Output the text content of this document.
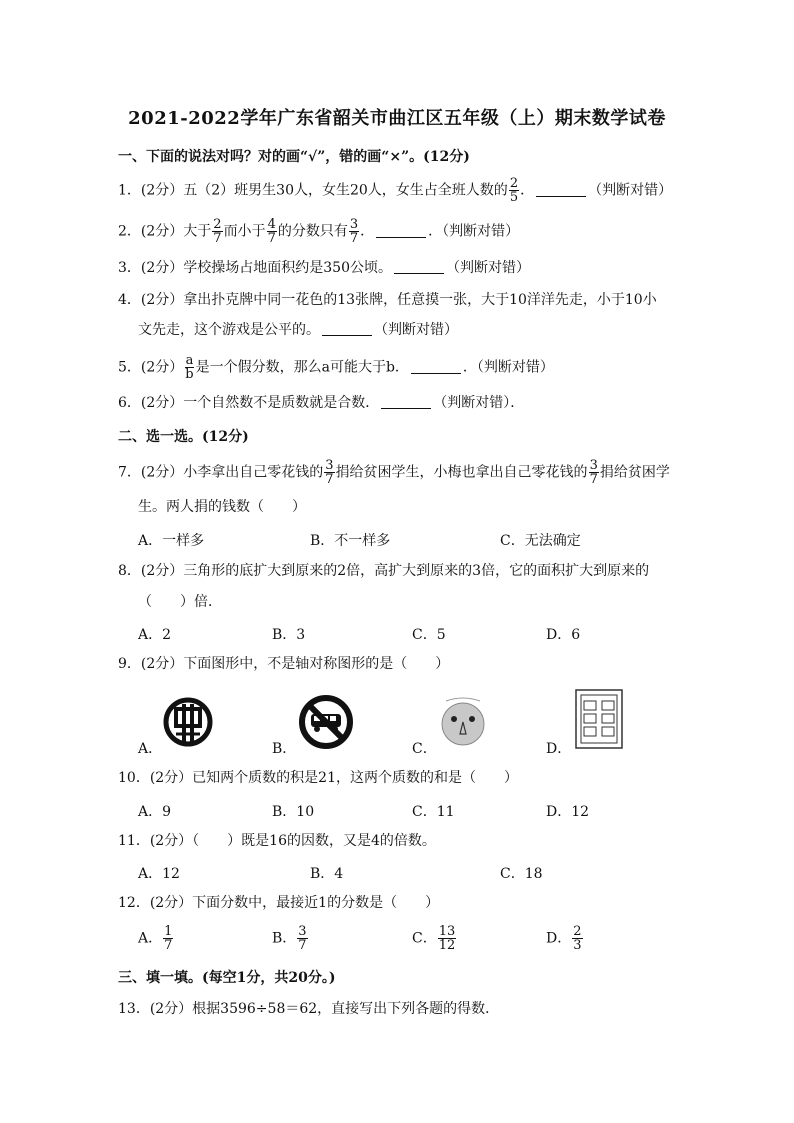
2021-2022学年广东省韶关市曲江区五年级（上）期末数学试卷
一、下面的说法对吗？对的画“√”，错的画“×”。(12分)
1．(2分）五（2）班男生30人，女生20人，女生占全班人数的 $\frac{2}{5}$ ．	（判断对错）
2．(2分）大于 $\frac{2}{7}$ 而小于 $\frac{4}{7}$ 的分数只有 $\frac{3}{7}$ ．	．（判断对错）
3．(2分）学校操场占地面积约是350公顷。	（判断对错）
4．(2分）拿出扑克牌中同一花色的13张牌，任意摸一张，大于10洋洋先走，小于10小
文先走，这个游戏是公平的。	（判断对错）
5．(2分） $\frac{a}{b}$ 是一个假分数，那么a可能大于b．	．（判断对错）
6．(2分）一个自然数不是质数就是合数．	（判断对错）．
二、选一选。(12分)
7．(2分）小李拿出自己零花钱的 $\frac{3}{7}$ 捐给贫困学生，小梅也拿出自己零花钱的 $\frac{3}{7}$ 捐给贫困学
生。两人捐的钱数（　　）
A．一样多	B．不一样多	C．无法确定
8．(2分）三角形的底扩大到原来的2倍，高扩大到原来的3倍，它的面积扩大到原来的
（　　）倍．
A．2	B．3	C．5	D．6
9．(2分）下面图形中，不是轴对称图形的是（　　）
A．	B．	C．	D．
10．(2分）已知两个质数的积是21，这两个质数的和是（　　）
A．9	B．10	C．11	D．12
11．(2分）（　　）既是16的因数，又是4的倍数。
A．12	B．4	C．18
12．(2分）下面分数中，最接近1的分数是（　　）
A． $\frac{1}{7}$	B． $\frac{3}{7}$	C． $\frac{13}{12}$	D． $\frac{2}{3}$
三、填一填。(每空1分，共20分。)
13．(2分）根据3596÷58＝62，直接写出下列各题的得数．
